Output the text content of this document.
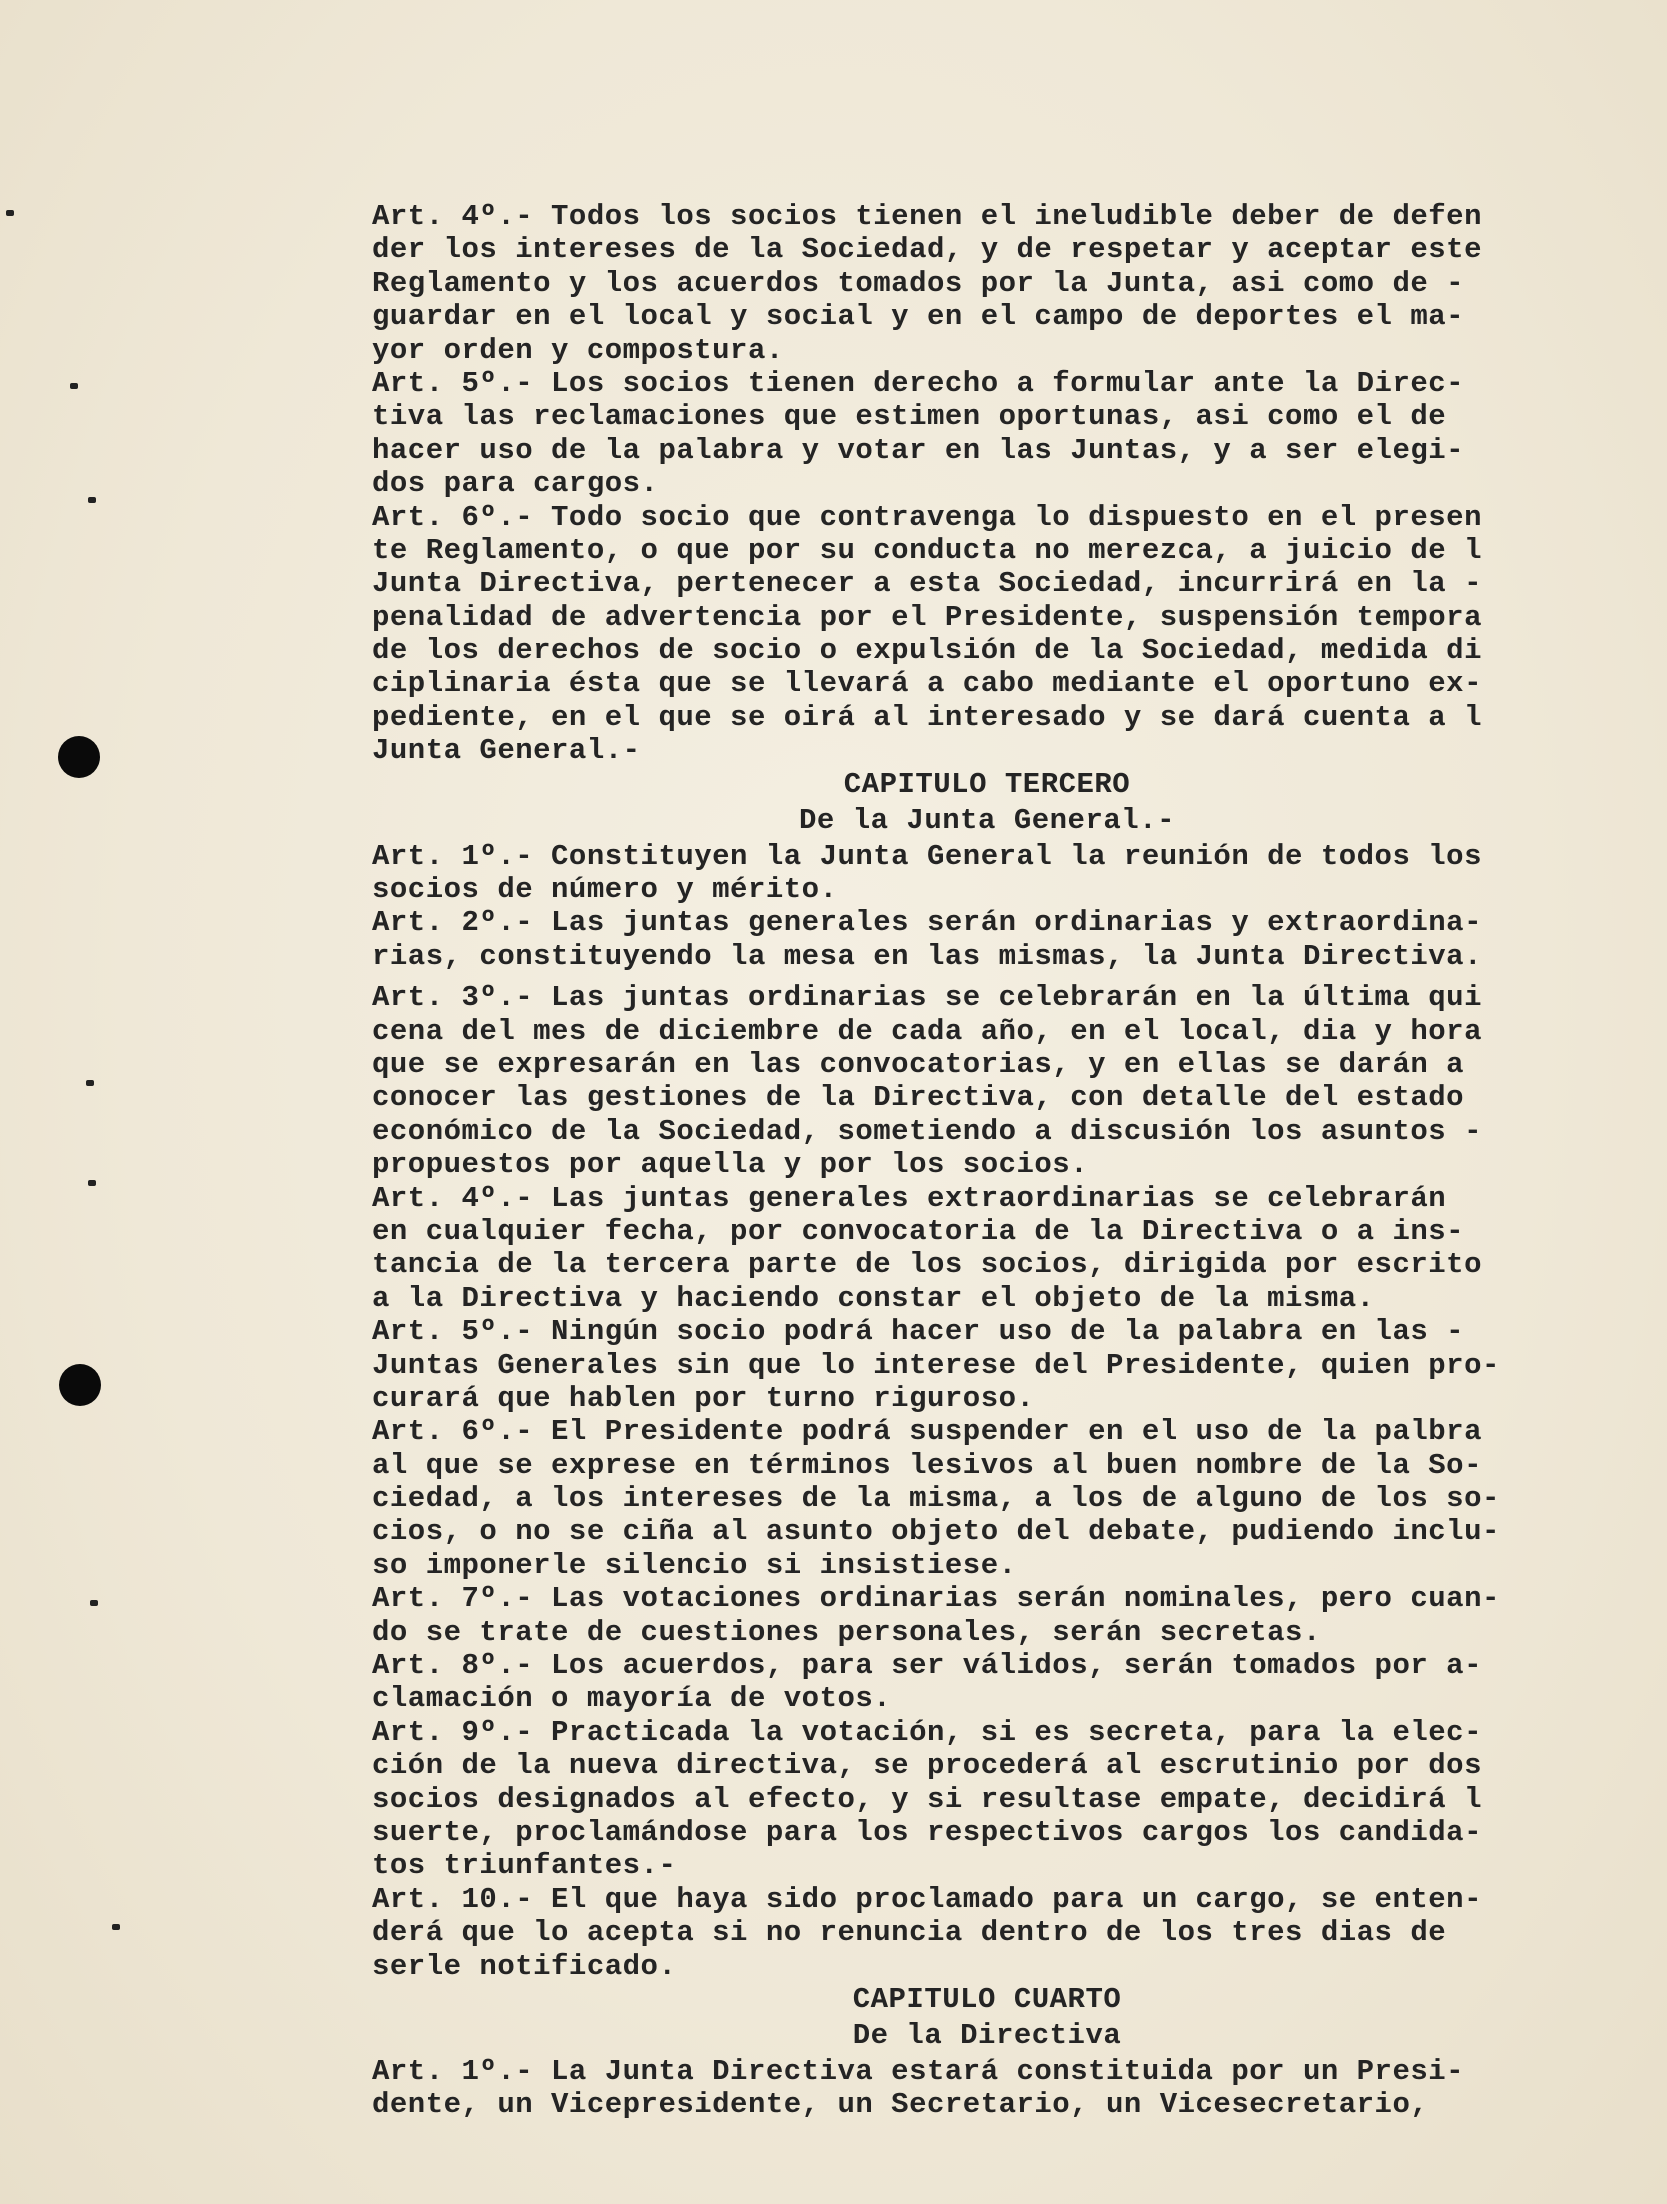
Art. 4º.- Todos los socios tienen el ineludible deber de defen
der los intereses de la Sociedad, y de respetar y aceptar este
Reglamento y los acuerdos tomados por la Junta, asi como de -
guardar en el local y social y en el campo de deportes el ma-
yor orden y compostura.
Art. 5º.- Los socios tienen derecho a formular ante la Direc-
tiva las reclamaciones que estimen oportunas, asi como el de
hacer uso de la palabra y votar en las Juntas, y a ser elegi-
dos para cargos.
Art. 6º.- Todo socio que contravenga lo dispuesto en el presen
te Reglamento, o que por su conducta no merezca, a juicio de l
Junta Directiva, pertenecer a esta Sociedad, incurrirá en la -
penalidad de advertencia por el Presidente, suspensión tempora
de los derechos de socio o expulsión de la Sociedad, medida di
ciplinaria ésta que se llevará a cabo mediante el oportuno ex-
pediente, en el que se oirá al interesado y se dará cuenta a l
Junta General.-
CAPITULO TERCERO
De la Junta General.-
Art. 1º.- Constituyen la Junta General la reunión de todos los
socios de número y mérito.
Art. 2º.- Las juntas generales serán ordinarias y extraordina-
rias, constituyendo la mesa en las mismas, la Junta Directiva.
Art. 3º.- Las juntas ordinarias se celebrarán en la última qui
cena del mes de diciembre de cada año, en el local, dia y hora
que se expresarán en las convocatorias, y en ellas se darán a
conocer las gestiones de la Directiva, con detalle del estado
económico de la Sociedad, sometiendo a discusión los asuntos -
propuestos por aquella y por los socios.
Art. 4º.- Las juntas generales extraordinarias se celebrarán
en cualquier fecha, por convocatoria de la Directiva o a ins-
tancia de la tercera parte de los socios, dirigida por escrito
a la Directiva y haciendo constar el objeto de la misma.
Art. 5º.- Ningún socio podrá hacer uso de la palabra en las -
Juntas Generales sin que lo interese del Presidente, quien pro-
curará que hablen por turno riguroso.
Art. 6º.- El Presidente podrá suspender en el uso de la palbra
al que se exprese en términos lesivos al buen nombre de la So-
ciedad, a los intereses de la misma, a los de alguno de los so-
cios, o no se ciña al asunto objeto del debate, pudiendo inclu-
so imponerle silencio si insistiese.
Art. 7º.- Las votaciones ordinarias serán nominales, pero cuan-
do se trate de cuestiones personales, serán secretas.
Art. 8º.- Los acuerdos, para ser válidos, serán tomados por a-
clamación o mayoría de votos.
Art. 9º.- Practicada la votación, si es secreta, para la elec-
ción de la nueva directiva, se procederá al escrutinio por dos
socios designados al efecto, y si resultase empate, decidirá l
suerte, proclamándose para los respectivos cargos los candida-
tos triunfantes.-
Art. 10.- El que haya sido proclamado para un cargo, se enten-
derá que lo acepta si no renuncia dentro de los tres dias de
serle notificado.
CAPITULO CUARTO
De la Directiva
Art. 1º.- La Junta Directiva estará constituida por un Presi-
dente, un Vicepresidente, un Secretario, un Vicesecretario,
